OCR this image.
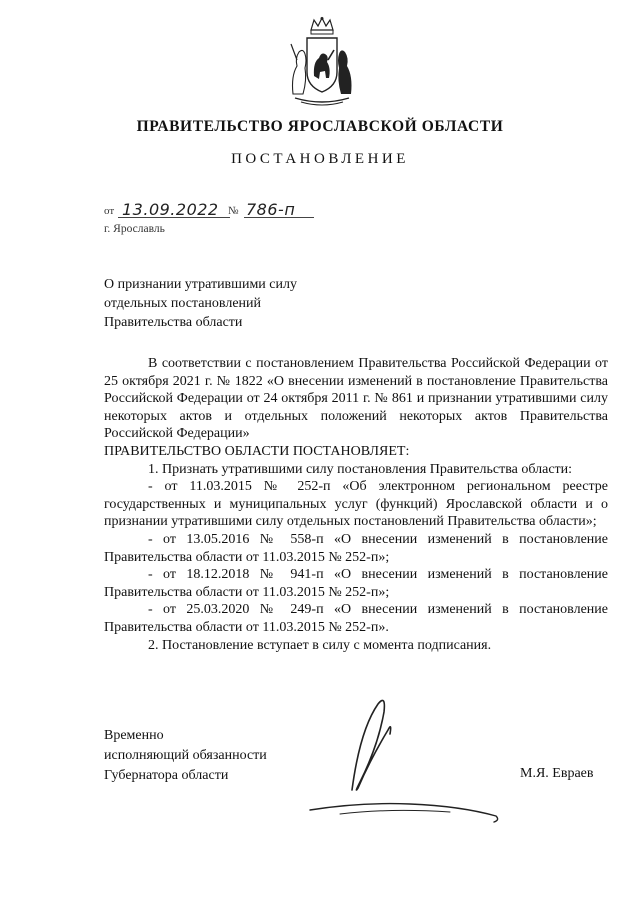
ПРАВИТЕЛЬСТВО ЯРОСЛАВСКОЙ ОБЛАСТИ
ПОСТАНОВЛЕНИЕ
от 13.09.2022 № 786-п
г. Ярославль
О признании утратившими силу
отдельных постановлений
Правительства области

В соответствии с постановлением Правительства Российской Федерации от 25 октября 2021 г. № 1822 «О внесении изменений в постановление Правительства Российской Федерации от 24 октября 2011 г. № 861 и признании утратившими силу некоторых актов и отдельных положений некоторых актов Правительства Российской Федерации»

ПРАВИТЕЛЬСТВО ОБЛАСТИ ПОСТАНОВЛЯЕТ:

1. Признать утратившими силу постановления Правительства области:

- от 11.03.2015 № 252-п «Об электронном региональном реестре государственных и муниципальных услуг (функций) Ярославской области и о признании утратившими силу отдельных постановлений Правительства области»;

- от 13.05.2016 № 558-п «О внесении изменений в постановление Правительства области от 11.03.2015 № 252-п»;

- от 18.12.2018 № 941-п «О внесении изменений в постановление Правительства области от 11.03.2015 № 252-п»;

- от 25.03.2020 № 249-п «О внесении изменений в постановление Правительства области от 11.03.2015 № 252-п».

2. Постановление вступает в силу с момента подписания.

Временно
исполняющий обязанности
Губернатора области	М.Я. Евраев
